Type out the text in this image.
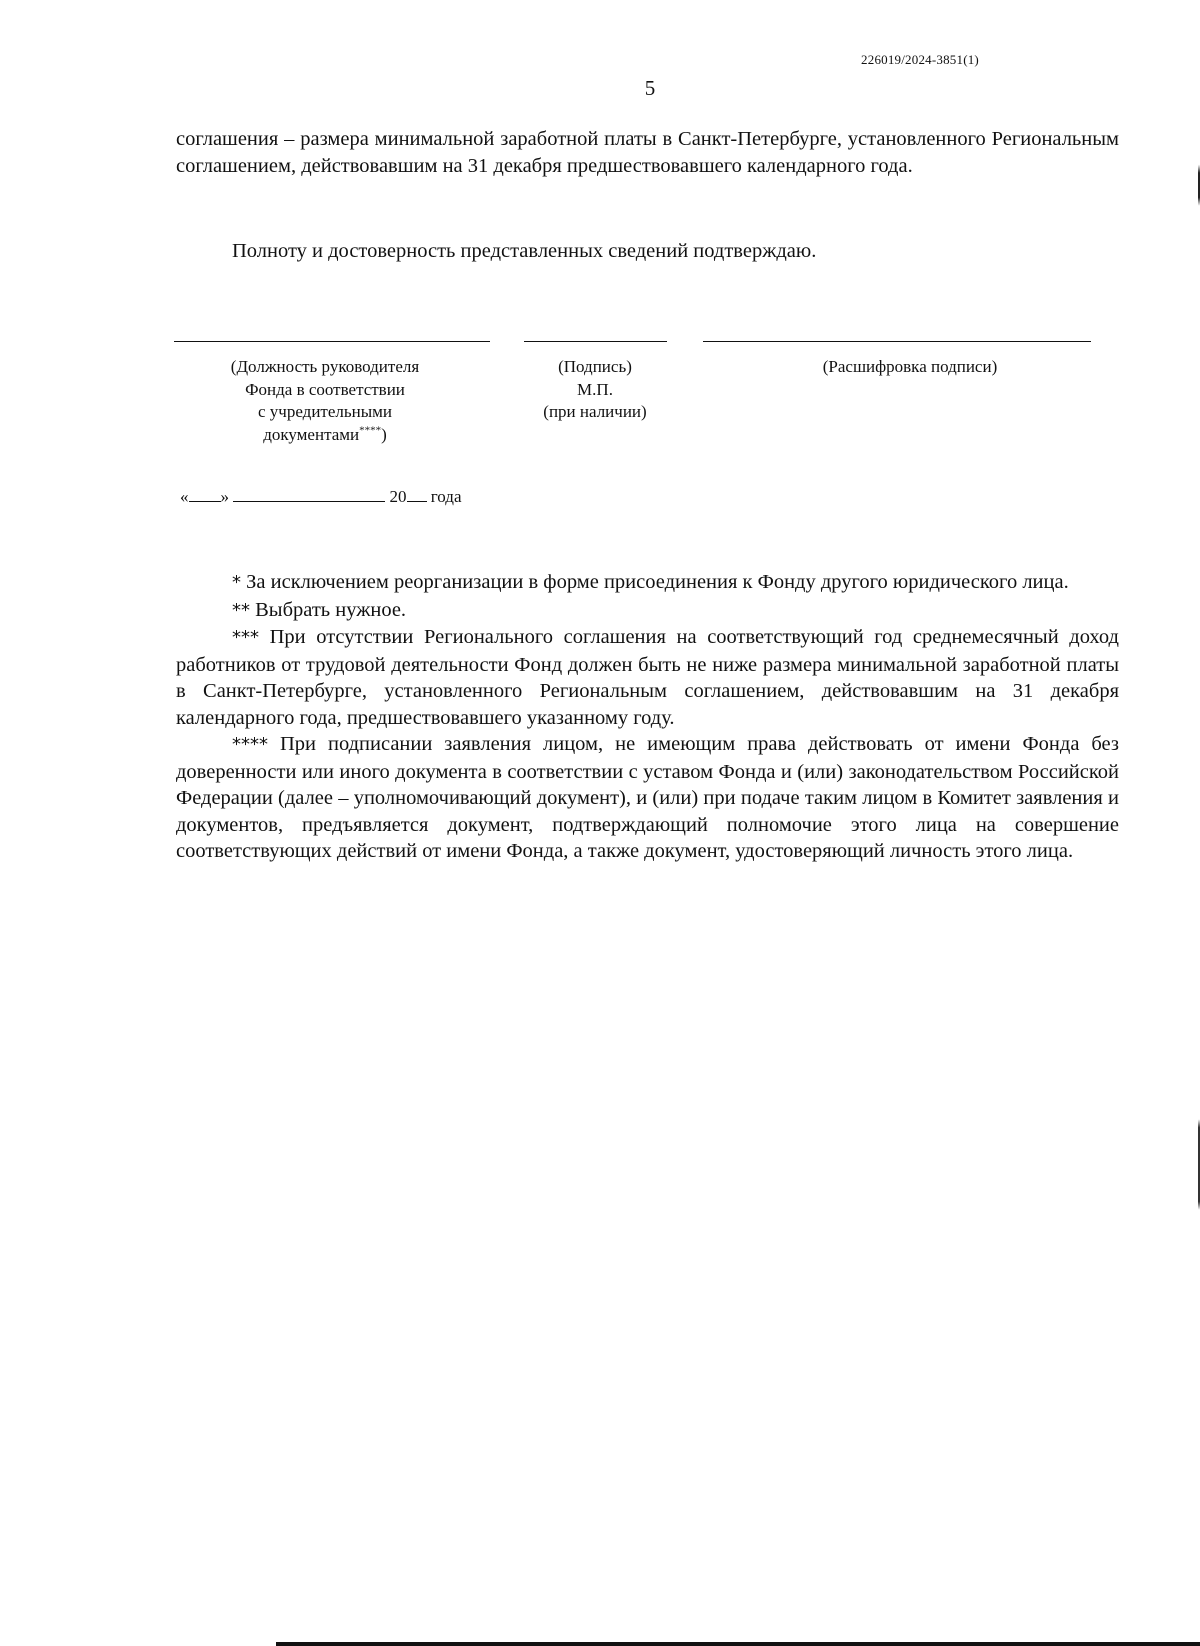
226019/2024-3851(1)
5

соглашения – размера минимальной заработной платы в Санкт-Петербурге, установленного Региональным соглашением, действовавшим на 31 декабря предшествовавшего календарного года.

Полноту и достоверность представленных сведений подтверждаю.

(Должность руководителя
Фонда в соответствии
с учредительными
документами****)
(Подпись)
М.П.
(при наличии)
(Расшифровка подписи)
« »	20 года

* За исключением реорганизации в форме присоединения к Фонду другого юридического лица.

** Выбрать нужное.

*** При отсутствии Регионального соглашения на соответствующий год среднемесячный доход работников от трудовой деятельности Фонд должен быть не ниже размера минимальной заработной платы в Санкт-Петербурге, установленного Региональным соглашением, действовавшим на 31 декабря календарного года, предшествовавшего указанному году.

**** При подписании заявления лицом, не имеющим права действовать от имени Фонда без доверенности или иного документа в соответствии с уставом Фонда и (или) законодательством Российской Федерации (далее – уполномочивающий документ), и (или) при подаче таким лицом в Комитет заявления и документов, предъявляется документ, подтверждающий полномочие этого лица на совершение соответствующих действий от имени Фонда, а также документ, удостоверяющий личность этого лица.
